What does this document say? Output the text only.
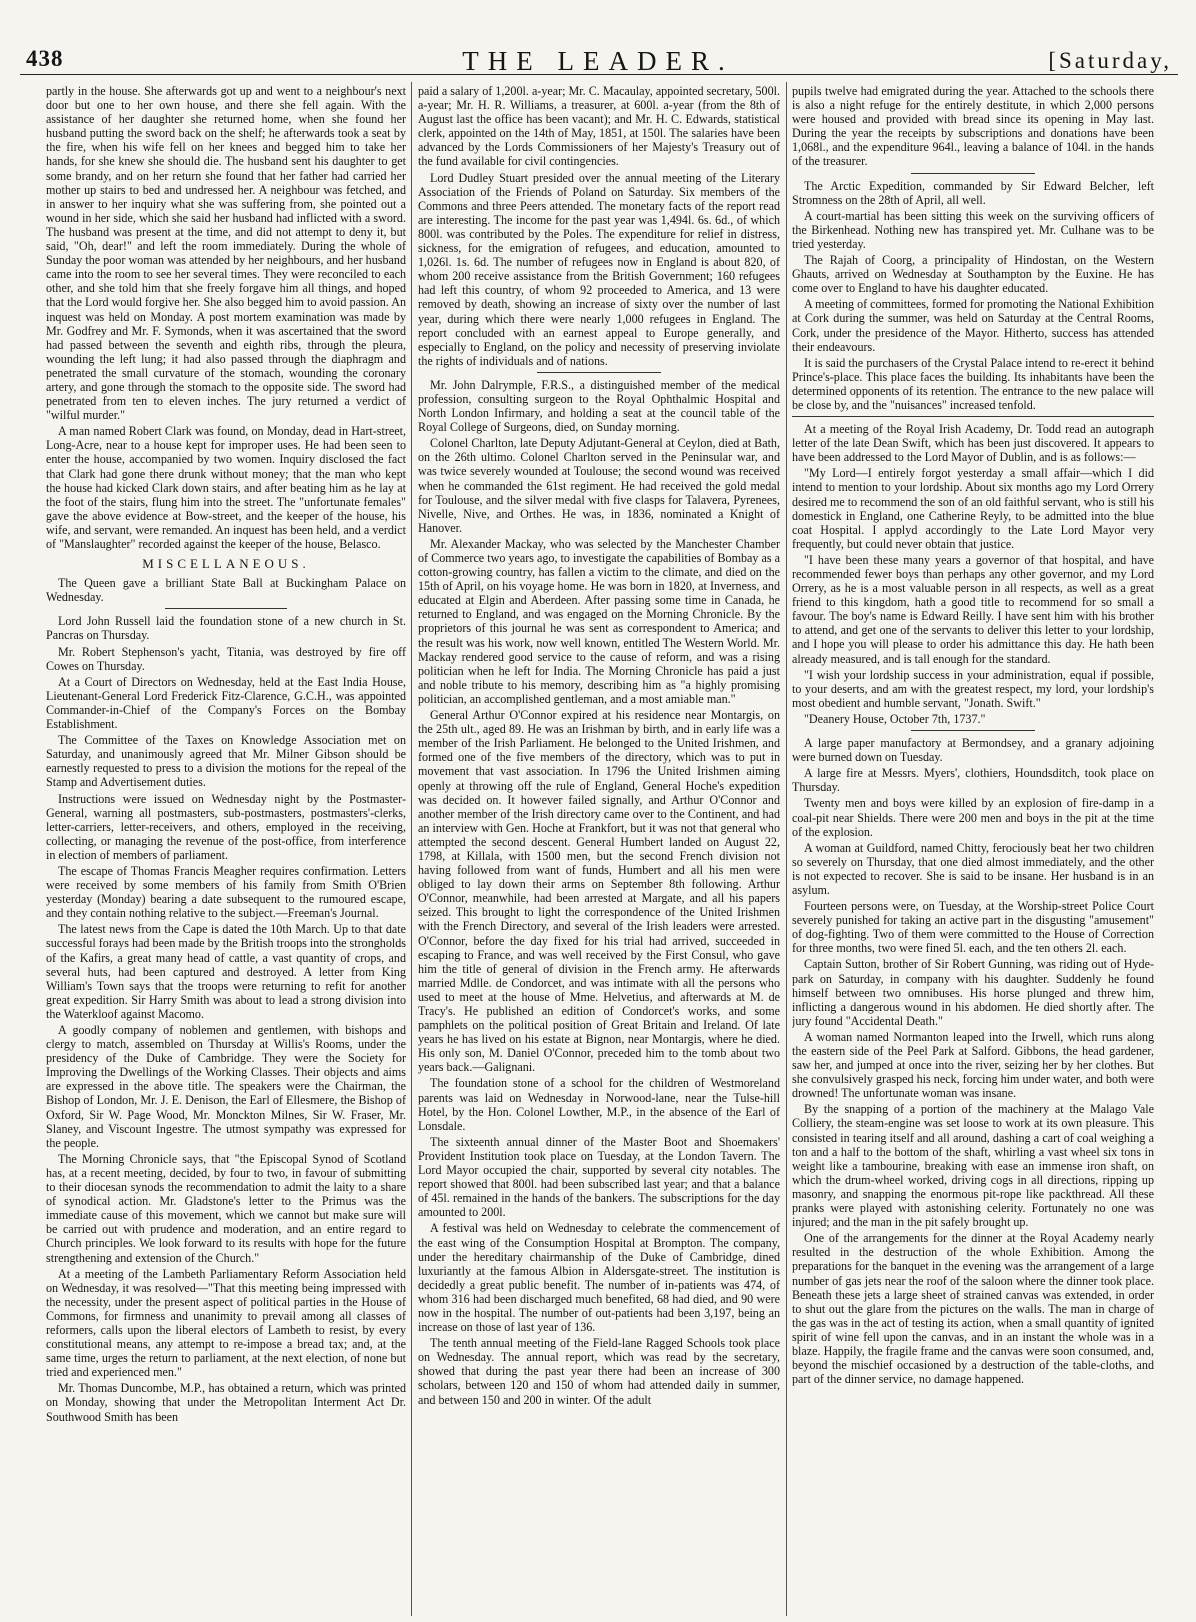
438	THE LEADER.	[Saturday,

partly in the house. She afterwards got up and went to a neighbour's next door but one to her own house, and there she fell again. With the assistance of her daughter she returned home, when she found her husband putting the sword back on the shelf; he afterwards took a seat by the fire, when his wife fell on her knees and begged him to take her hands, for she knew she should die. The husband sent his daughter to get some brandy, and on her return she found that her father had carried her mother up stairs to bed and undressed her. A neighbour was fetched, and in answer to her inquiry what she was suffering from, she pointed out a wound in her side, which she said her husband had inflicted with a sword. The husband was present at the time, and did not attempt to deny it, but said, "Oh, dear!" and left the room immediately. During the whole of Sunday the poor woman was attended by her neighbours, and her husband came into the room to see her several times. They were reconciled to each other, and she told him that she freely forgave him all things, and hoped that the Lord would forgive her. She also begged him to avoid passion. An inquest was held on Monday. A post mortem examination was made by Mr. Godfrey and Mr. F. Symonds, when it was ascertained that the sword had passed between the seventh and eighth ribs, through the pleura, wounding the left lung; it had also passed through the diaphragm and penetrated the small curvature of the stomach, wounding the coronary artery, and gone through the stomach to the opposite side. The sword had penetrated from ten to eleven inches. The jury returned a verdict of "wilful murder."

A man named Robert Clark was found, on Monday, dead in Hart-street, Long-Acre, near to a house kept for improper uses. He had been seen to enter the house, accompanied by two women. Inquiry disclosed the fact that Clark had gone there drunk without money; that the man who kept the house had kicked Clark down stairs, and after beating him as he lay at the foot of the stairs, flung him into the street. The "unfortunate females" gave the above evidence at Bow-street, and the keeper of the house, his wife, and servant, were remanded. An inquest has been held, and a verdict of "Manslaughter" recorded against the keeper of the house, Belasco.

MISCELLANEOUS.

The Queen gave a brilliant State Ball at Buckingham Palace on Wednesday.

Lord John Russell laid the foundation stone of a new church in St. Pancras on Thursday.

Mr. Robert Stephenson's yacht, Titania, was destroyed by fire off Cowes on Thursday.

At a Court of Directors on Wednesday, held at the East India House, Lieutenant-General Lord Frederick Fitz-Clarence, G.C.H., was appointed Commander-in-Chief of the Company's Forces on the Bombay Establishment.

The Committee of the Taxes on Knowledge Association met on Saturday, and unanimously agreed that Mr. Milner Gibson should be earnestly requested to press to a division the motions for the repeal of the Stamp and Advertisement duties.

Instructions were issued on Wednesday night by the Postmaster-General, warning all postmasters, sub-postmasters, postmasters'-clerks, letter-carriers, letter-receivers, and others, employed in the receiving, collecting, or managing the revenue of the post-office, from interference in election of members of parliament.

The escape of Thomas Francis Meagher requires confirmation. Letters were received by some members of his family from Smith O'Brien yesterday (Monday) bearing a date subsequent to the rumoured escape, and they contain nothing relative to the subject.—Freeman's Journal.

The latest news from the Cape is dated the 10th March. Up to that date successful forays had been made by the British troops into the strongholds of the Kafirs, a great many head of cattle, a vast quantity of crops, and several huts, had been captured and destroyed. A letter from King William's Town says that the troops were returning to refit for another great expedition. Sir Harry Smith was about to lead a strong division into the Waterkloof against Macomo.

A goodly company of noblemen and gentlemen, with bishops and clergy to match, assembled on Thursday at Willis's Rooms, under the presidency of the Duke of Cambridge. They were the Society for Improving the Dwellings of the Working Classes. Their objects and aims are expressed in the above title. The speakers were the Chairman, the Bishop of London, Mr. J. E. Denison, the Earl of Ellesmere, the Bishop of Oxford, Sir W. Page Wood, Mr. Monckton Milnes, Sir W. Fraser, Mr. Slaney, and Viscount Ingestre. The utmost sympathy was expressed for the people.

The Morning Chronicle says, that "the Episcopal Synod of Scotland has, at a recent meeting, decided, by four to two, in favour of submitting to their diocesan synods the recommendation to admit the laity to a share of synodical action. Mr. Gladstone's letter to the Primus was the immediate cause of this movement, which we cannot but make sure will be carried out with prudence and moderation, and an entire regard to Church principles. We look forward to its results with hope for the future strengthening and extension of the Church."

At a meeting of the Lambeth Parliamentary Reform Association held on Wednesday, it was resolved—"That this meeting being impressed with the necessity, under the present aspect of political parties in the House of Commons, for firmness and unanimity to prevail among all classes of reformers, calls upon the liberal electors of Lambeth to resist, by every constitutional means, any attempt to re-impose a bread tax; and, at the same time, urges the return to parliament, at the next election, of none but tried and experienced men."

Mr. Thomas Duncombe, M.P., has obtained a return, which was printed on Monday, showing that under the Metropolitan Interment Act Dr. Southwood Smith has been

paid a salary of 1,200l. a-year; Mr. C. Macaulay, appointed secretary, 500l. a-year; Mr. H. R. Williams, a treasurer, at 600l. a-year (from the 8th of August last the office has been vacant); and Mr. H. C. Edwards, statistical clerk, appointed on the 14th of May, 1851, at 150l. The salaries have been advanced by the Lords Commissioners of her Majesty's Treasury out of the fund available for civil contingencies.

Lord Dudley Stuart presided over the annual meeting of the Literary Association of the Friends of Poland on Saturday. Six members of the Commons and three Peers attended. The monetary facts of the report read are interesting. The income for the past year was 1,494l. 6s. 6d., of which 800l. was contributed by the Poles. The expenditure for relief in distress, sickness, for the emigration of refugees, and education, amounted to 1,026l. 1s. 6d. The number of refugees now in England is about 820, of whom 200 receive assistance from the British Government; 160 refugees had left this country, of whom 92 proceeded to America, and 13 were removed by death, showing an increase of sixty over the number of last year, during which there were nearly 1,000 refugees in England. The report concluded with an earnest appeal to Europe generally, and especially to England, on the policy and necessity of preserving inviolate the rights of individuals and of nations.

Mr. John Dalrymple, F.R.S., a distinguished member of the medical profession, consulting surgeon to the Royal Ophthalmic Hospital and North London Infirmary, and holding a seat at the council table of the Royal College of Surgeons, died, on Sunday morning.

Colonel Charlton, late Deputy Adjutant-General at Ceylon, died at Bath, on the 26th ultimo. Colonel Charlton served in the Peninsular war, and was twice severely wounded at Toulouse; the second wound was received when he commanded the 61st regiment. He had received the gold medal for Toulouse, and the silver medal with five clasps for Talavera, Pyrenees, Nivelle, Nive, and Orthes. He was, in 1836, nominated a Knight of Hanover.

Mr. Alexander Mackay, who was selected by the Manchester Chamber of Commerce two years ago, to investigate the capabilities of Bombay as a cotton-growing country, has fallen a victim to the climate, and died on the 15th of April, on his voyage home. He was born in 1820, at Inverness, and educated at Elgin and Aberdeen. After passing some time in Canada, he returned to England, and was engaged on the Morning Chronicle. By the proprietors of this journal he was sent as correspondent to America; and the result was his work, now well known, entitled The Western World. Mr. Mackay rendered good service to the cause of reform, and was a rising politician when he left for India. The Morning Chronicle has paid a just and noble tribute to his memory, describing him as "a highly promising politician, an accomplished gentleman, and a most amiable man."

General Arthur O'Connor expired at his residence near Montargis, on the 25th ult., aged 89. He was an Irishman by birth, and in early life was a member of the Irish Parliament. He belonged to the United Irishmen, and formed one of the five members of the directory, which was to put in movement that vast association. In 1796 the United Irishmen aiming openly at throwing off the rule of England, General Hoche's expedition was decided on. It however failed signally, and Arthur O'Connor and another member of the Irish directory came over to the Continent, and had an interview with Gen. Hoche at Frankfort, but it was not that general who attempted the second descent. General Humbert landed on August 22, 1798, at Killala, with 1500 men, but the second French division not having followed from want of funds, Humbert and all his men were obliged to lay down their arms on September 8th following. Arthur O'Connor, meanwhile, had been arrested at Margate, and all his papers seized. This brought to light the correspondence of the United Irishmen with the French Directory, and several of the Irish leaders were arrested. O'Connor, before the day fixed for his trial had arrived, succeeded in escaping to France, and was well received by the First Consul, who gave him the title of general of division in the French army. He afterwards married Mdlle. de Condorcet, and was intimate with all the persons who used to meet at the house of Mme. Helvetius, and afterwards at M. de Tracy's. He published an edition of Condorcet's works, and some pamphlets on the political position of Great Britain and Ireland. Of late years he has lived on his estate at Bignon, near Montargis, where he died. His only son, M. Daniel O'Connor, preceded him to the tomb about two years back.—Galignani.

The foundation stone of a school for the children of Westmoreland parents was laid on Wednesday in Norwood-lane, near the Tulse-hill Hotel, by the Hon. Colonel Lowther, M.P., in the absence of the Earl of Lonsdale.

The sixteenth annual dinner of the Master Boot and Shoemakers' Provident Institution took place on Tuesday, at the London Tavern. The Lord Mayor occupied the chair, supported by several city notables. The report showed that 800l. had been subscribed last year; and that a balance of 45l. remained in the hands of the bankers. The subscriptions for the day amounted to 200l.

A festival was held on Wednesday to celebrate the commencement of the east wing of the Consumption Hospital at Brompton. The company, under the hereditary chairmanship of the Duke of Cambridge, dined luxuriantly at the famous Albion in Aldersgate-street. The institution is decidedly a great public benefit. The number of in-patients was 474, of whom 316 had been discharged much benefited, 68 had died, and 90 were now in the hospital. The number of out-patients had been 3,197, being an increase on those of last year of 136.

The tenth annual meeting of the Field-lane Ragged Schools took place on Wednesday. The annual report, which was read by the secretary, showed that during the past year there had been an increase of 300 scholars, between 120 and 150 of whom had attended daily in summer, and between 150 and 200 in winter. Of the adult

pupils twelve had emigrated during the year. Attached to the schools there is also a night refuge for the entirely destitute, in which 2,000 persons were housed and provided with bread since its opening in May last. During the year the receipts by subscriptions and donations have been 1,068l., and the expenditure 964l., leaving a balance of 104l. in the hands of the treasurer.

The Arctic Expedition, commanded by Sir Edward Belcher, left Stromness on the 28th of April, all well.

A court-martial has been sitting this week on the surviving officers of the Birkenhead. Nothing new has transpired yet. Mr. Culhane was to be tried yesterday.

The Rajah of Coorg, a principality of Hindostan, on the Western Ghauts, arrived on Wednesday at Southampton by the Euxine. He has come over to England to have his daughter educated.

A meeting of committees, formed for promoting the National Exhibition at Cork during the summer, was held on Saturday at the Central Rooms, Cork, under the presidence of the Mayor. Hitherto, success has attended their endeavours.

It is said the purchasers of the Crystal Palace intend to re-erect it behind Prince's-place. This place faces the building. Its inhabitants have been the determined opponents of its retention. The entrance to the new palace will be close by, and the "nuisances" increased tenfold.

At a meeting of the Royal Irish Academy, Dr. Todd read an autograph letter of the late Dean Swift, which has been just discovered. It appears to have been addressed to the Lord Mayor of Dublin, and is as follows:—

"My Lord—I entirely forgot yesterday a small affair—which I did intend to mention to your lordship. About six months ago my Lord Orrery desired me to recommend the son of an old faithful servant, who is still his domestick in England, one Catherine Reyly, to be admitted into the blue coat Hospital. I applyd accordingly to the Late Lord Mayor very frequently, but could never obtain that justice.

"I have been these many years a governor of that hospital, and have recommended fewer boys than perhaps any other governor, and my Lord Orrery, as he is a most valuable person in all respects, as well as a great friend to this kingdom, hath a good title to recommend for so small a favour. The boy's name is Edward Reilly. I have sent him with his brother to attend, and get one of the servants to deliver this letter to your lordship, and I hope you will please to order his admittance this day. He hath been already measured, and is tall enough for the standard.

"I wish your lordship success in your administration, equal if possible, to your deserts, and am with the greatest respect, my lord, your lordship's most obedient and humble servant, "Jonath. Swift."

"Deanery House, October 7th, 1737."

A large paper manufactory at Bermondsey, and a granary adjoining were burned down on Tuesday.

A large fire at Messrs. Myers', clothiers, Houndsditch, took place on Thursday.

Twenty men and boys were killed by an explosion of fire-damp in a coal-pit near Shields. There were 200 men and boys in the pit at the time of the explosion.

A woman at Guildford, named Chitty, ferociously beat her two children so severely on Thursday, that one died almost immediately, and the other is not expected to recover. She is said to be insane. Her husband is in an asylum.

Fourteen persons were, on Tuesday, at the Worship-street Police Court severely punished for taking an active part in the disgusting "amusement" of dog-fighting. Two of them were committed to the House of Correction for three months, two were fined 5l. each, and the ten others 2l. each.

Captain Sutton, brother of Sir Robert Gunning, was riding out of Hyde-park on Saturday, in company with his daughter. Suddenly he found himself between two omnibuses. His horse plunged and threw him, inflicting a dangerous wound in his abdomen. He died shortly after. The jury found "Accidental Death."

A woman named Normanton leaped into the Irwell, which runs along the eastern side of the Peel Park at Salford. Gibbons, the head gardener, saw her, and jumped at once into the river, seizing her by her clothes. But she convulsively grasped his neck, forcing him under water, and both were drowned! The unfortunate woman was insane.

By the snapping of a portion of the machinery at the Malago Vale Colliery, the steam-engine was set loose to work at its own pleasure. This consisted in tearing itself and all around, dashing a cart of coal weighing a ton and a half to the bottom of the shaft, whirling a vast wheel six tons in weight like a tambourine, breaking with ease an immense iron shaft, on which the drum-wheel worked, driving cogs in all directions, ripping up masonry, and snapping the enormous pit-rope like packthread. All these pranks were played with astonishing celerity. Fortunately no one was injured; and the man in the pit safely brought up.

One of the arrangements for the dinner at the Royal Academy nearly resulted in the destruction of the whole Exhibition. Among the preparations for the banquet in the evening was the arrangement of a large number of gas jets near the roof of the saloon where the dinner took place. Beneath these jets a large sheet of strained canvas was extended, in order to shut out the glare from the pictures on the walls. The man in charge of the gas was in the act of testing its action, when a small quantity of ignited spirit of wine fell upon the canvas, and in an instant the whole was in a blaze. Happily, the fragile frame and the canvas were soon consumed, and, beyond the mischief occasioned by a destruction of the table-cloths, and part of the dinner service, no damage happened.
